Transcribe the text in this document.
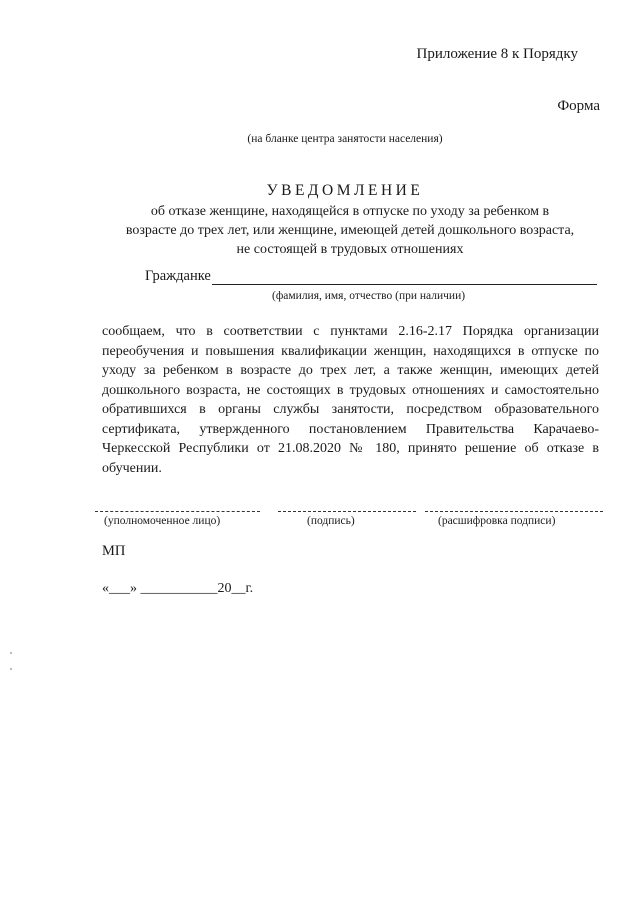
Приложение 8 к Порядку
Форма
(на бланке центра занятости населения)
УВЕДОМЛЕНИЕ
об отказе женщине, находящейся в отпуске по уходу за ребенком в
возрасте до трех лет, или женщине, имеющей детей дошкольного возраста,
не состоящей в трудовых отношениях
Гражданке
(фамилия, имя, отчество (при наличии)
сообщаем, что в соответствии с пунктами 2.16-2.17 Порядка организации переобучения и повышения квалификации женщин, находящихся в отпуске по уходу за ребенком в возрасте до трех лет, а также женщин, имеющих детей дошкольного возраста, не состоящих в трудовых отношениях и самостоятельно обратившихся в органы службы занятости, посредством образовательного сертификата, утвержденного постановлением Правительства Карачаево-Черкесской Республики от 21.08.2020 № 180, принято решение об отказе в обучении.
(уполномоченное лицо)	(подпись)	(расшифровка подписи)
МП
«___» ___________20__г.
